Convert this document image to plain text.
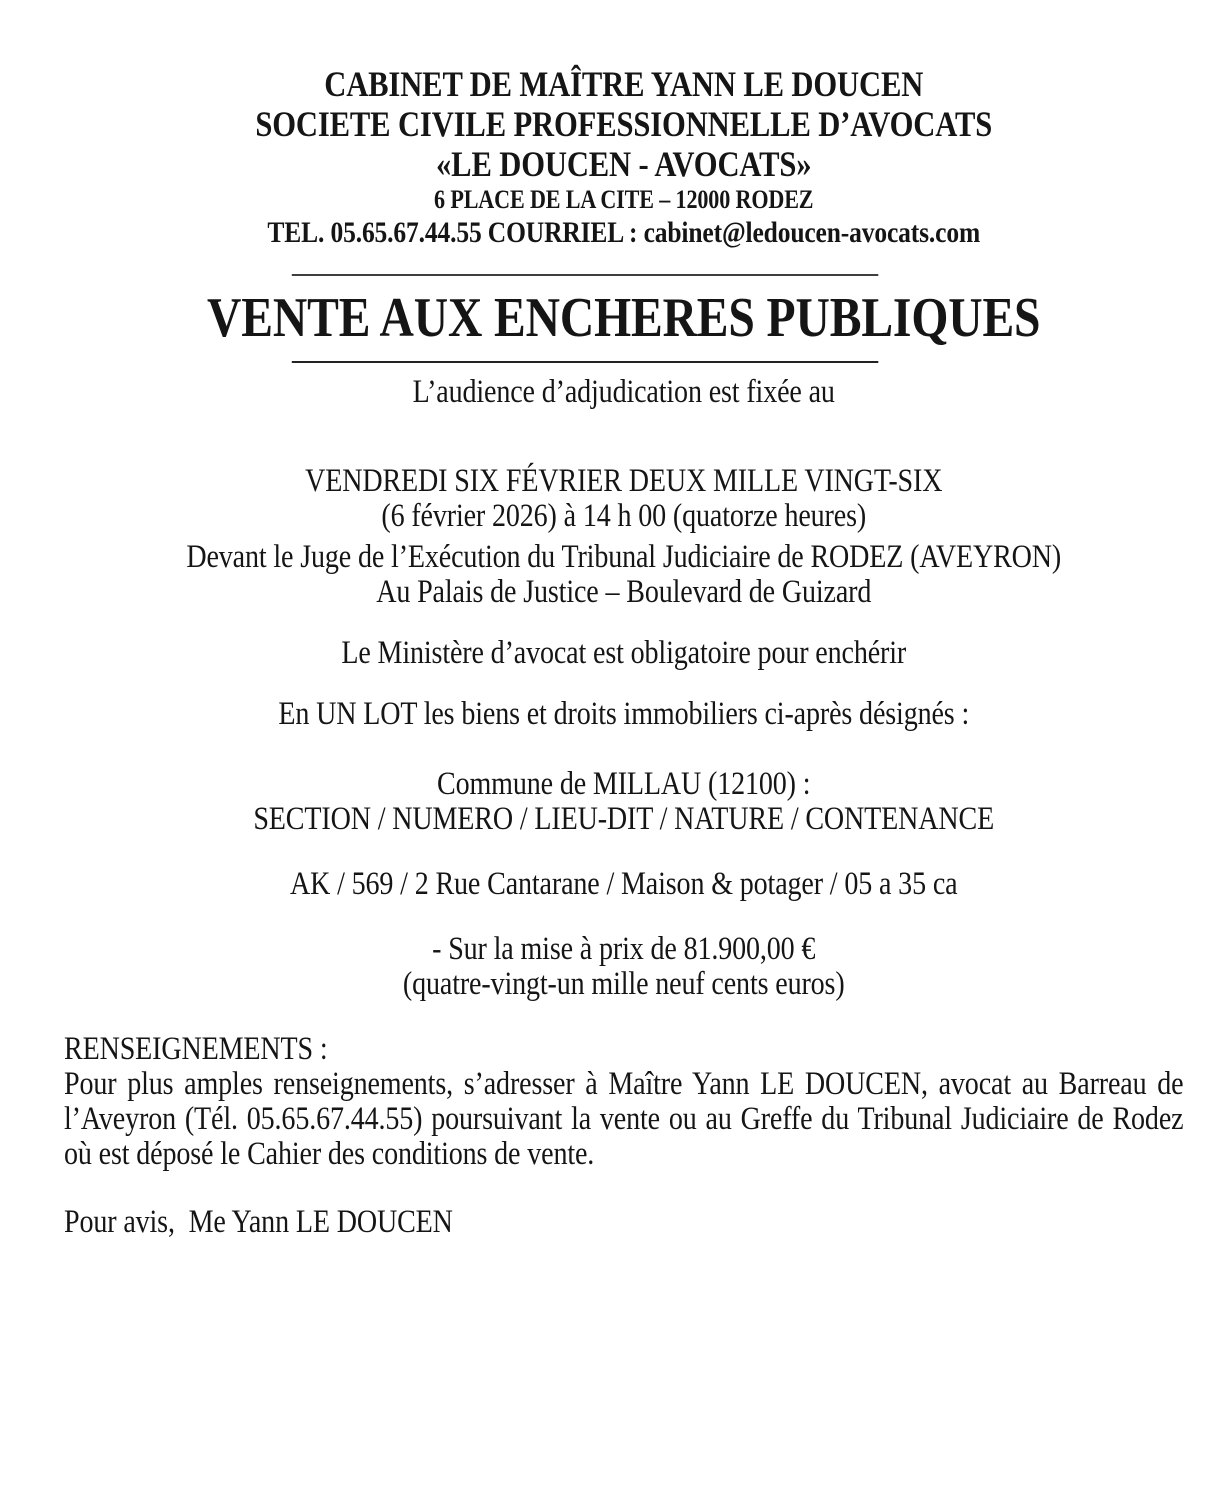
CABINET DE MAÎTRE YANN LE DOUCEN
SOCIETE CIVILE PROFESSIONNELLE D’AVOCATS
«LE DOUCEN - AVOCATS»
6 PLACE DE LA CITE – 12000 RODEZ
TEL. 05.65.67.44.55 COURRIEL : cabinet@ledoucen-avocats.com
VENTE AUX ENCHERES PUBLIQUES
L’audience d’adjudication est fixée au
VENDREDI SIX FÉVRIER DEUX MILLE VINGT-SIX
(6 février 2026) à 14 h 00 (quatorze heures)
Devant le Juge de l’Exécution du Tribunal Judiciaire de RODEZ (AVEYRON)
Au Palais de Justice – Boulevard de Guizard
Le Ministère d’avocat est obligatoire pour enchérir
En UN LOT les biens et droits immobiliers ci-après désignés :
Commune de MILLAU (12100) :
SECTION / NUMERO / LIEU-DIT / NATURE / CONTENANCE
AK / 569 / 2 Rue Cantarane / Maison & potager / 05 a 35 ca
- Sur la mise à prix de 81.900,00 €
(quatre-vingt-un mille neuf cents euros)
RENSEIGNEMENTS :
Pour plus amples renseignements, s’adresser à Maître Yann LE DOUCEN, avocat au Barreau de l’Aveyron (Tél. 05.65.67.44.55) poursuivant la vente ou au Greffe du Tribunal Judiciaire de Rodez où est déposé le Cahier des conditions de vente.
Pour avis,  Me Yann LE DOUCEN
